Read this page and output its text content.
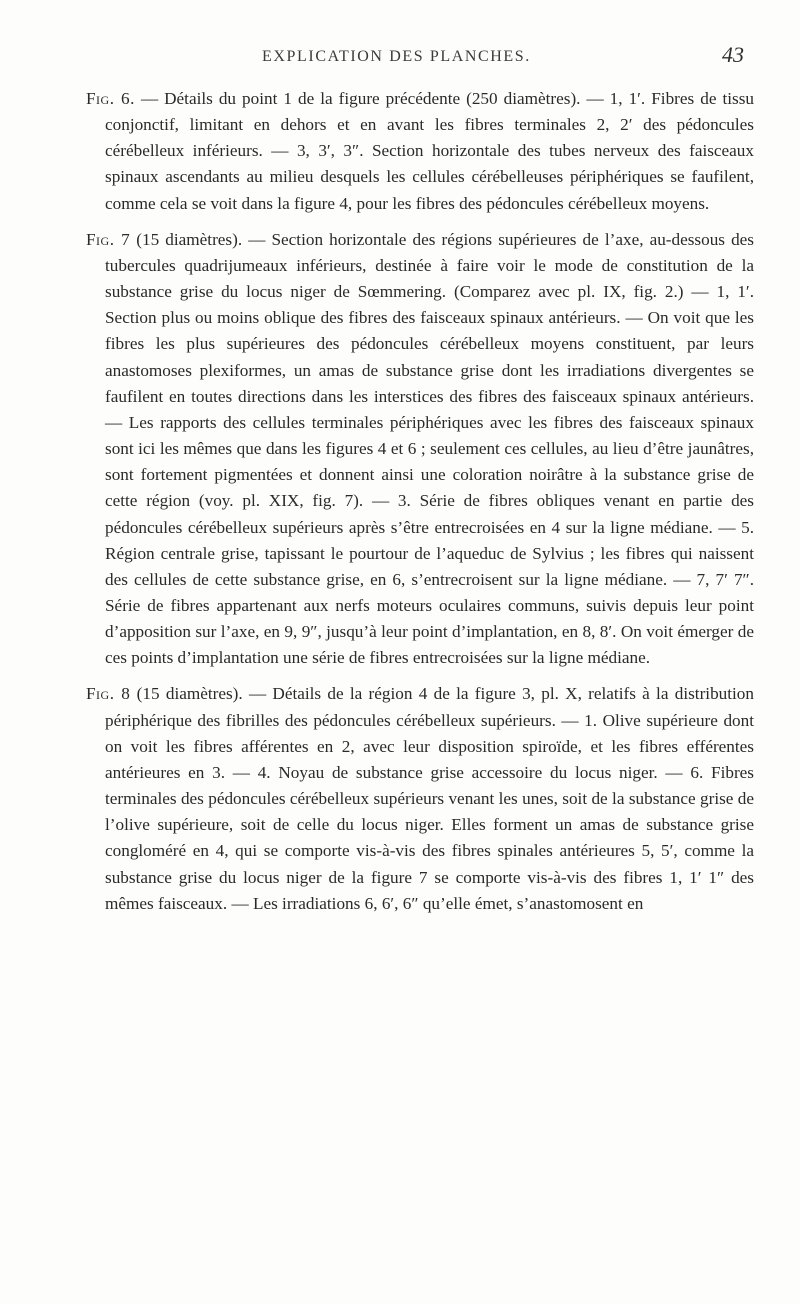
EXPLICATION DES PLANCHES.	43

Fig. 6. — Détails du point 1 de la figure précédente (250 diamètres). — 1, 1′. Fibres de tissu conjonctif, limitant en dehors et en avant les fibres terminales 2, 2′ des pédoncules cérébelleux inférieurs. — 3, 3′, 3″. Section horizontale des tubes nerveux des faisceaux spinaux ascendants au milieu desquels les cellules cérébelleuses périphériques se faufilent, comme cela se voit dans la figure 4, pour les fibres des pédoncules cérébelleux moyens.

Fig. 7 (15 diamètres). — Section horizontale des régions supérieures de l’axe, au-dessous des tubercules quadrijumeaux inférieurs, destinée à faire voir le mode de constitution de la substance grise du locus niger de Sœmmering. (Comparez avec pl. IX, fig. 2.) — 1, 1′. Section plus ou moins oblique des fibres des faisceaux spinaux antérieurs. — On voit que les fibres les plus supérieures des pédoncules cérébelleux moyens constituent, par leurs anastomoses plexiformes, un amas de substance grise dont les irradiations divergentes se faufilent en toutes directions dans les interstices des fibres des faisceaux spinaux antérieurs. — Les rapports des cellules terminales périphériques avec les fibres des faisceaux spinaux sont ici les mêmes que dans les figures 4 et 6 ; seulement ces cellules, au lieu d’être jaunâtres, sont fortement pigmentées et donnent ainsi une coloration noirâtre à la substance grise de cette région (voy. pl. XIX, fig. 7). — 3. Série de fibres obliques venant en partie des pédoncules cérébelleux supérieurs après s’être entrecroisées en 4 sur la ligne médiane. — 5. Région centrale grise, tapissant le pourtour de l’aqueduc de Sylvius ; les fibres qui naissent des cellules de cette substance grise, en 6, s’entrecroisent sur la ligne médiane. — 7, 7′ 7″. Série de fibres appartenant aux nerfs moteurs oculaires communs, suivis depuis leur point d’apposition sur l’axe, en 9, 9″, jusqu’à leur point d’implantation, en 8, 8′. On voit émerger de ces points d’implantation une série de fibres entrecroisées sur la ligne médiane.

Fig. 8 (15 diamètres). — Détails de la région 4 de la figure 3, pl. X, relatifs à la distribution périphérique des fibrilles des pédoncules cérébelleux supérieurs. — 1. Olive supérieure dont on voit les fibres afférentes en 2, avec leur disposition spiroïde, et les fibres efférentes antérieures en 3. — 4. Noyau de substance grise accessoire du locus niger. — 6. Fibres terminales des pédoncules cérébelleux supérieurs venant les unes, soit de la substance grise de l’olive supérieure, soit de celle du locus niger. Elles forment un amas de substance grise congloméré en 4, qui se comporte vis-à-vis des fibres spinales antérieures 5, 5′, comme la substance grise du locus niger de la figure 7 se comporte vis-à-vis des fibres 1, 1′ 1″ des mêmes faisceaux. — Les irradiations 6, 6′, 6″ qu’elle émet, s’anastomosent en
